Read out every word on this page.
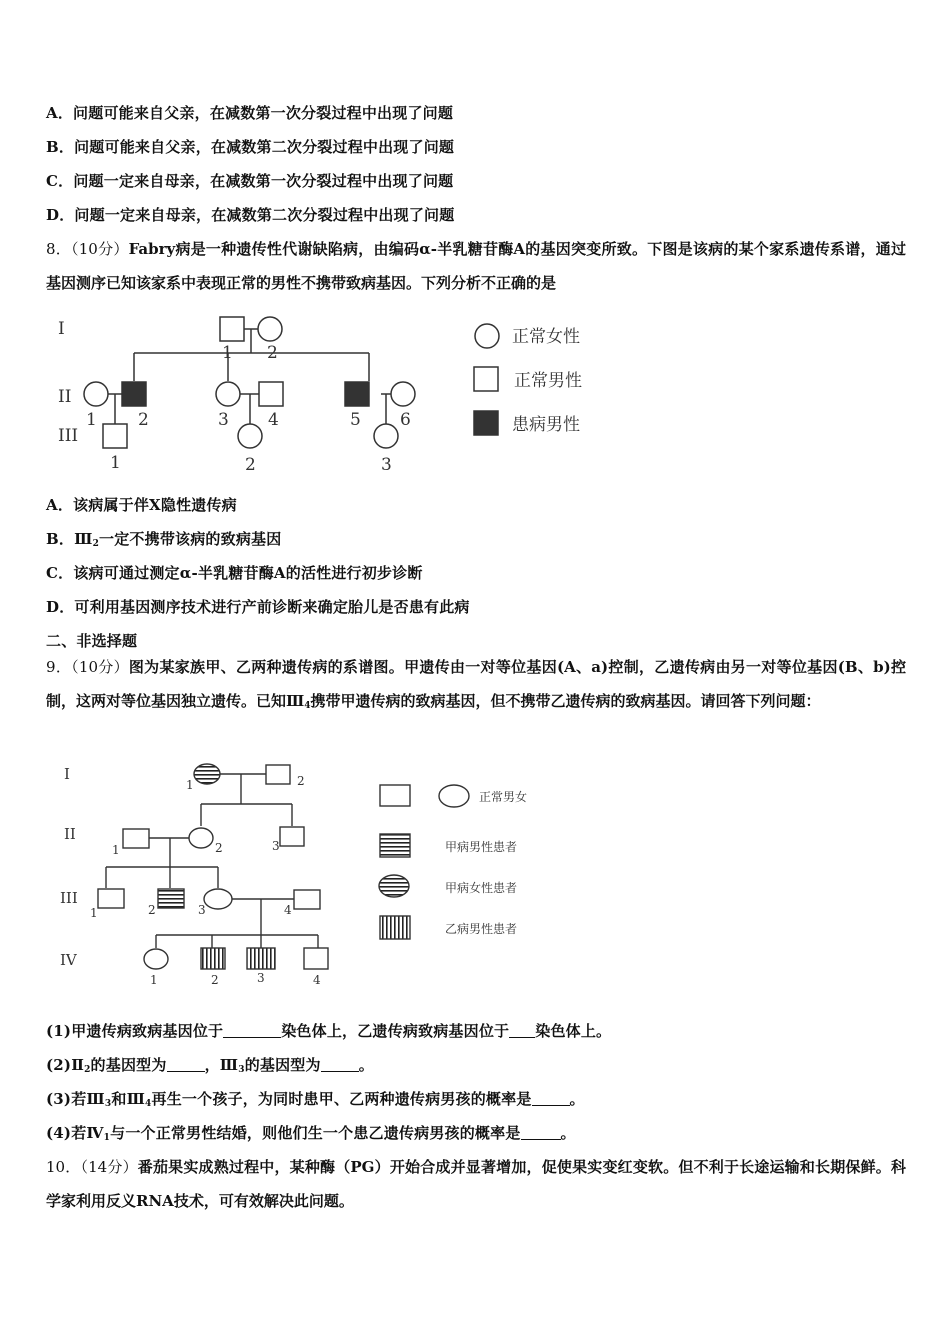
A．问题可能来自父亲，在减数第一次分裂过程中出现了问题
B．问题可能来自父亲，在减数第二次分裂过程中出现了问题
C．问题一定来自母亲，在减数第一次分裂过程中出现了问题
D．问题一定来自母亲，在减数第二次分裂过程中出现了问题
8．（10分）Fabry病是一种遗传性代谢缺陷病，由编码α-半乳糖苷酶A的基因突变所致。下图是该病的某个家系遗传系谱，通过基因测序已知该家系中表现正常的男性不携带致病基因。下列分析不正确的是
I
II
III
1 2
1 2	3 4	5 6
1	2	3
正常女性
正常男性
患病男性
A．该病属于伴X隐性遗传病
B．$Ⅲ_2$一定不携带该病的致病基因
C．该病可通过测定α-半乳糖苷酶A的活性进行初步诊断
D．可利用基因测序技术进行产前诊断来确定胎儿是否患有此病
二、非选择题
9．（10分）图为某家族甲、乙两种遗传病的系谱图。甲遗传由一对等位基因(A、a)控制，乙遗传病由另一对等位基因(B、b)控制，这两对等位基因独立遗传。已知$Ⅲ_4$携带甲遗传病的致病基因，但不携带乙遗传病的致病基因。请回答下列问题：
I
II
III
IV
1	2
1	2	3
1	2	3	4
1	2	3	4
正常男女
甲病男性患者
甲病女性患者
乙病男性患者
(1)甲遗传病致病基因位于	染色体上，乙遗传病致病基因位于 染色体上。
$(2)Ⅱ_2$的基因型为	，$Ⅲ_3$的基因型为	。
(3)若$Ⅲ_3$和$Ⅲ_4$再生一个孩子，为同时患甲、乙两种遗传病男孩的概率是	。
(4)若$Ⅳ_1$与一个正常男性结婚，则他们生一个患乙遗传病男孩的概率是	。
10．（14分）番茄果实成熟过程中，某种酶（PG）开始合成并显著增加，促使果实变红变软。但不利于长途运输和长期保鲜。科学家利用反义RNA技术，可有效解决此问题。
